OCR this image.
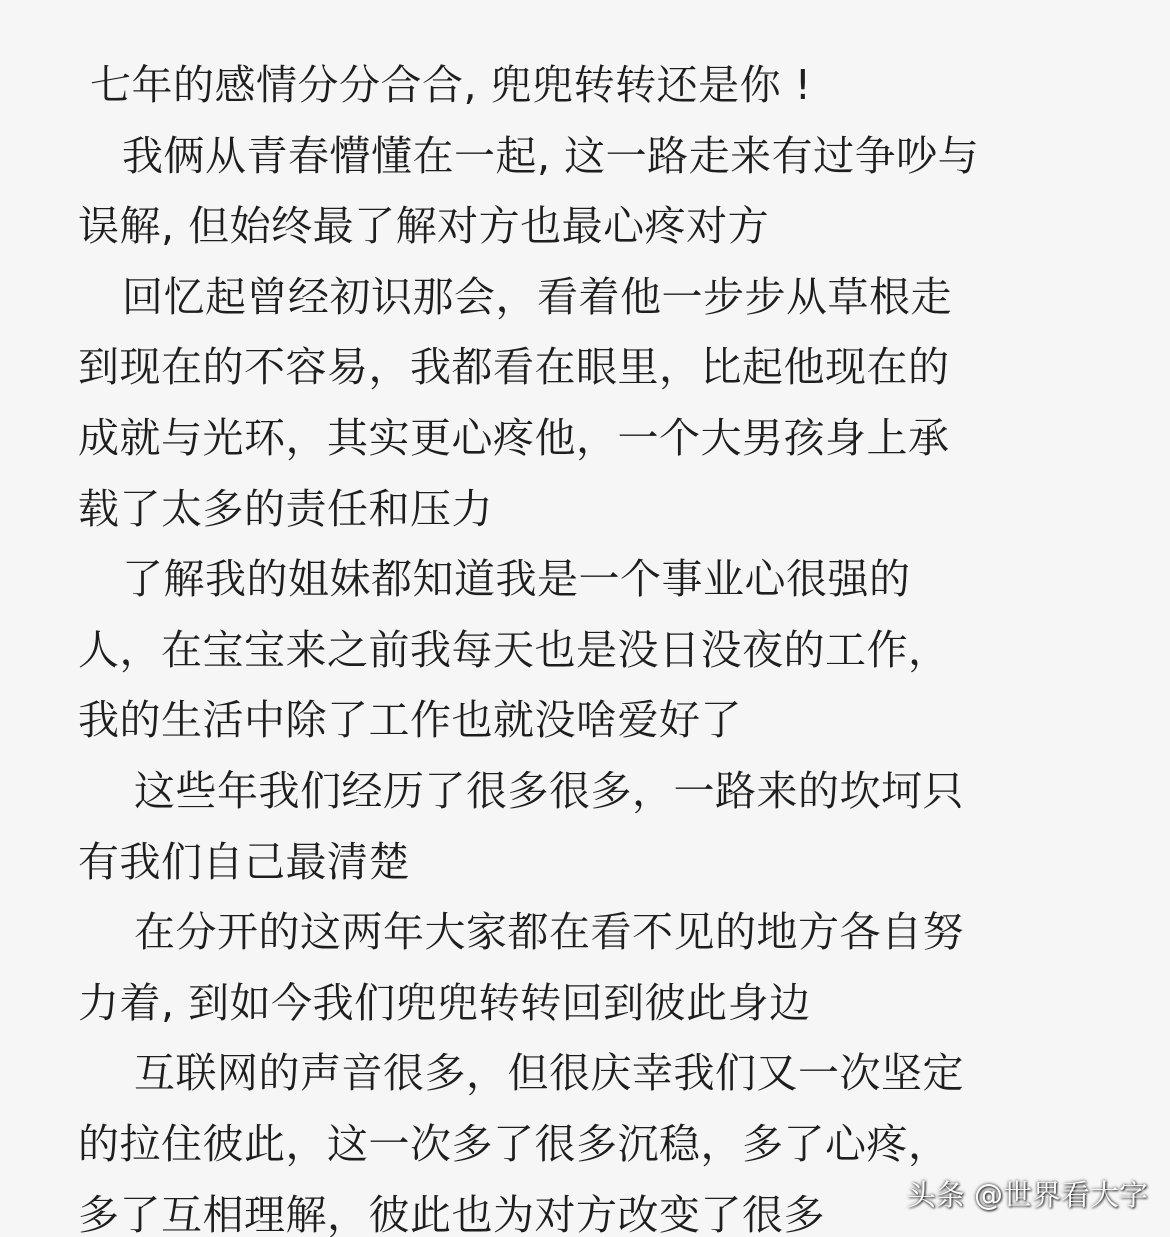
七年的感情分分合合, 兜兜转转还是你 !
我俩从青春懵懂在一起, 这一路走来有过争吵与
误解, 但始终最了解对方也最心疼对方
回忆起曾经初识那会，看着他一步步从草根走
到现在的不容易，我都看在眼里，比起他现在的
成就与光环，其实更心疼他，一个大男孩身上承
载了太多的责任和压力
了解我的姐妹都知道我是一个事业心很强的
人，在宝宝来之前我每天也是没日没夜的工作，
我的生活中除了工作也就没啥爱好了
这些年我们经历了很多很多，一路来的坎坷只
有我们自己最清楚
在分开的这两年大家都在看不见的地方各自努
力着, 到如今我们兜兜转转回到彼此身边
互联网的声音很多，但很庆幸我们又一次坚定
的拉住彼此，这一次多了很多沉稳，多了心疼，
多了互相理解，彼此也为对方改变了很多	头条 @世界看大字
